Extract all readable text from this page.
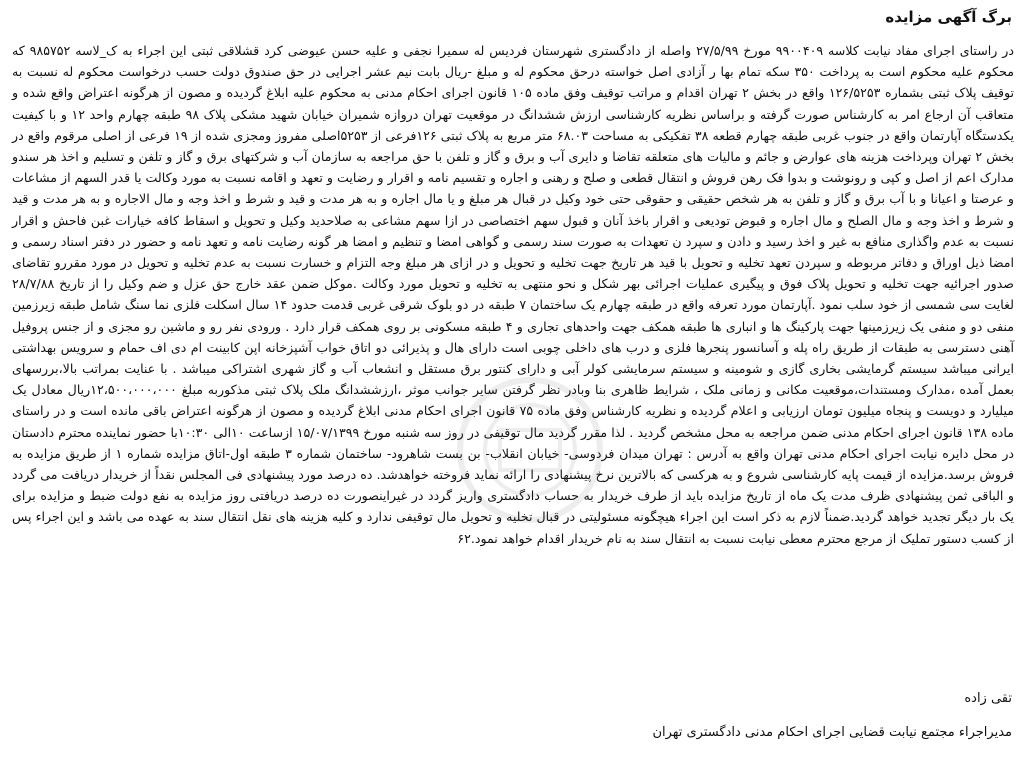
برگ آگهی مزایده
در راستای اجرای مفاد نیابت کلاسه ۹۹۰۰۴۰۹ مورخ ۲۷/۵/۹۹ واصله از دادگستری شهرستان فردیس له سمیرا نجفی و علیه حسن عیوضی کرد قشلاقی ثبتی این اجراء به ک_لاسه ۹۸۵۷۵۲ که محکوم علیه محکوم است به پرداخت ۳۵۰ سکه تمام بها ر آزادی اصل خواسته درحق محکوم له و مبلغ -ریال بابت نیم عشر اجرایی در حق صندوق دولت حسب درخواست محکوم له نسبت به توقیف پلاک ثبتی بشماره ۱۲۶/۵۲۵۳ واقع در بخش ۲ تهران اقدام و مراتب توقیف وفق ماده ۱۰۵ قانون اجرای احکام مدنی به محکوم علیه ابلاغ گردیده و مصون از هرگونه اعتراض واقع شده و متعاقب آن ارجاع امر به کارشناس صورت گرفته و براساس نظریه کارشناسی ارزش ششدانگ در موقعیت تهران دروازه شمیران خیابان شهید مشکی پلاک ۹۸ طبقه چهارم واحد ۱۲ و با کیفیت یکدستگاه آپارتمان واقع در جنوب غربی طبقه چهارم قطعه ۳۸ تفکیکی به مساحت ۶۸.۰۳ متر مربع به پلاک ثبتی ۱۲۶فرعی از ۵۲۵۳اصلی مفروز ومجزی شده از ۱۹ فرعی از اصلی مرقوم واقع در بخش ۲ تهران وپرداخت هزینه های عوارض و جائم و مالیات های متعلقه تقاضا و دایری آب و برق و گاز و تلفن با حق مراجعه به سازمان آب و شرکتهای برق و گاز و تلفن و تسلیم و اخذ هر سندو مدارک اعم از اصل و کپی و رونوشت و بدوا فک رهن فروش و انتقال قطعی و صلح و رهنی و اجاره و تقسیم نامه و اقرار و رضایت و تعهد و اقامه نسبت به مورد وکالت یا قدر السهم از مشاعات و عرصتا و اعیانا و با آب برق و گاز و تلفن به هر شخص حقیقی و حقوقی حتی خود وکیل در قبال هر مبلغ و یا مال اجاره و به هر مدت و قید و شرط و اخذ وجه و مال الاجاره و به هر مدت و قید و شرط و اخذ وجه و مال الصلح و مال اجاره و قبوض تودیعی و اقرار باخذ آنان و قبول سهم اختصاصی در ازا سهم مشاعی به صلاحدید وکیل و تحویل و اسقاط کافه خیارات غبن فاحش و اقرار نسبت به عدم واگذاری منافع به غیر و اخذ رسید و دادن و سپرد ن تعهدات به صورت سند رسمی و گواهی امضا و تنظیم و امضا هر گونه رضایت نامه و تعهد نامه و حضور در دفتر اسناد رسمی و امضا ذیل اوراق و دفاتر مربوطه و سپردن تعهد تخلیه و تحویل با قید هر تاریخ جهت تخلیه و تحویل و در ازای هر مبلغ وجه التزام و خسارت نسبت به عدم تخلیه و تحویل در مورد مقررو تقاضای صدور اجرائیه جهت تخلیه و تحویل پلاک فوق و پیگیری عملیات اجرائی بهر شکل و نحو منتهی به تخلیه و تحویل مورد وکالت .موکل ضمن عقد خارج حق عزل و ضم وکیل را از تاریخ ۲۸/۷/۸۸ لغایت سی شمسی از خود سلب نمود .آپارتمان مورد تعرفه واقع در طبقه چهارم یک ساختمان ۷ طبقه در دو بلوک شرقی غربی قدمت حدود ۱۴ سال اسکلت فلزی نما سنگ شامل طبقه زیرزمین منفی دو و منفی یک زیرزمینها جهت پارکینگ ها و انباری ها طبقه همکف جهت واحدهای تجاری و ۴ طبقه مسکونی بر روی همکف قرار دارد . ورودی نفر رو و ماشین رو مجزی و از جنس پروفیل آهنی دسترسی به طبقات از طریق راه پله و آسانسور پنجرها فلزی و درب های داخلی چوبی است دارای هال و پذیرائی دو اتاق خواب آشپزخانه اپن کابینت ام دی اف حمام و سرویس بهداشتی ایرانی میباشد سیستم گرمایشی بخاری گازی و شومینه و سیستم سرمایشی کولر آبی و دارای کنتور برق مستقل و انشعاب آب و گاز شهری اشتراکی میباشد . با عنایت بمراتب بالا،بررسهای بعمل آمده ،مدارک ومستندات،موقعیت مکانی و زمانی ملک ، شرایط ظاهری بنا وبادر نظر گرفتن سایر جوانب موثر ،ارزششدانگ ملک پلاک ثبتی مذکوربه مبلغ ۱۲،۵۰۰،۰۰۰،۰۰۰ریال معادل یک میلیارد و دویست و پنجاه میلیون تومان ارزیابی و اعلام گردیده و نظریه کارشناس وفق ماده ۷۵ قانون اجرای احکام مدنی ابلاغ گردیده و مصون از هرگونه اعتراض باقی مانده است و در راستای ماده ۱۳۸ قانون اجرای احکام مدنی ضمن مراجعه به محل مشخص گردید . لذا مقرر گردید مال توقیفی در روز سه شنبه مورخ ۱۵/۰۷/۱۳۹۹ ازساعت ۱۰الی ۱۰:۳۰با حضور نماینده محترم دادستان در محل دایره نیابت اجرای احکام مدنی تهران واقع به آدرس : تهران میدان فردوسی- خیابان انقلاب- بن بست شاهرود- ساختمان شماره ۳ طبقه اول-اتاق مزایده شماره ۱ از طریق مزایده به فروش برسد.مزایده از قیمت پایه کارشناسی شروع و به هرکسی که بالاترین نرخ پیشنهادی را ارائه نماید فروخته خواهدشد. ده درصد مورد پیشنهادی فی المجلس نقداً از خریدار دریافت می گردد و الباقی ثمن پیشنهادی ظرف مدت یک ماه از تاریخ مزایده باید از طرف خریدار به حساب دادگستری واریز گردد در غیراینصورت ده درصد دریافتی روز مزایده به نفع دولت ضبط و مزایده برای یک بار دیگر تجدید خواهد گردید.ضمناً لازم به ذکر است این اجراء هیچگونه مسئولیتی در قبال تخلیه و تحویل مال توقیفی ندارد و کلیه هزینه های نقل انتقال سند به عهده می باشد و این اجراء پس از کسب دستور تملیک از مرجع محترم معطی نیابت نسبت به انتقال سند به نام خریدار اقدام خواهد نمود.۶۲
تقی زاده
مدیراجراء مجتمع نیابت قضایی اجرای احکام مدنی دادگستری تهران
